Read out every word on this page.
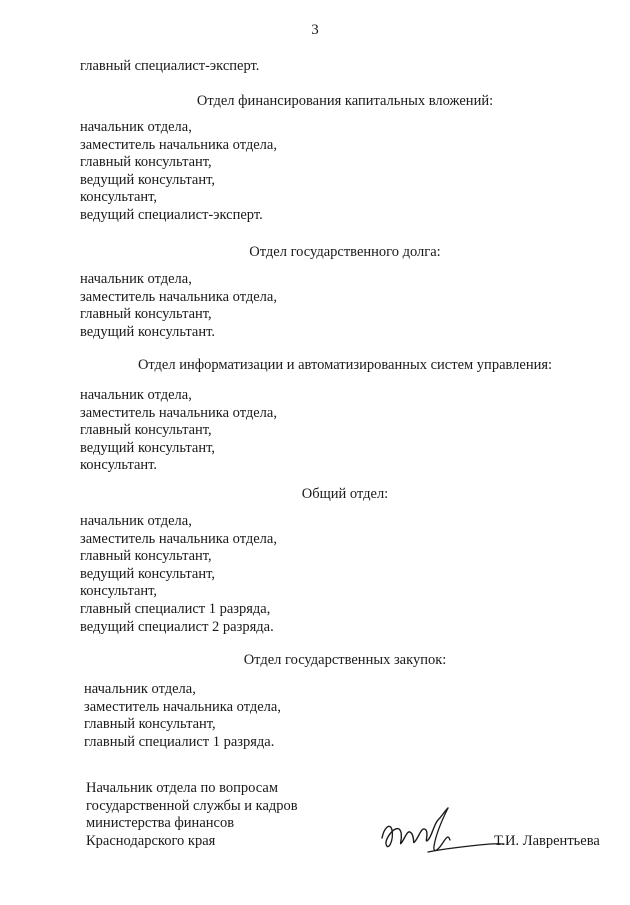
3
главный специалист-эксперт.
Отдел финансирования капитальных вложений:
начальник отдела,
заместитель начальника отдела,
главный консультант,
ведущий консультант,
консультант,
ведущий специалист-эксперт.
Отдел государственного долга:
начальник отдела,
заместитель начальника отдела,
главный консультант,
ведущий консультант.
Отдел информатизации и автоматизированных систем управления:
начальник отдела,
заместитель начальника отдела,
главный консультант,
ведущий консультант,
консультант.
Общий отдел:
начальник отдела,
заместитель начальника отдела,
главный консультант,
ведущий консультант,
консультант,
главный специалист 1 разряда,
ведущий специалист 2 разряда.
Отдел государственных закупок:
начальник отдела,
заместитель начальника отдела,
главный консультант,
главный специалист 1 разряда.
Начальник отдела по вопросам
государственной службы и кадров
министерства финансов
Краснодарского края	Т.И. Лаврентьева
